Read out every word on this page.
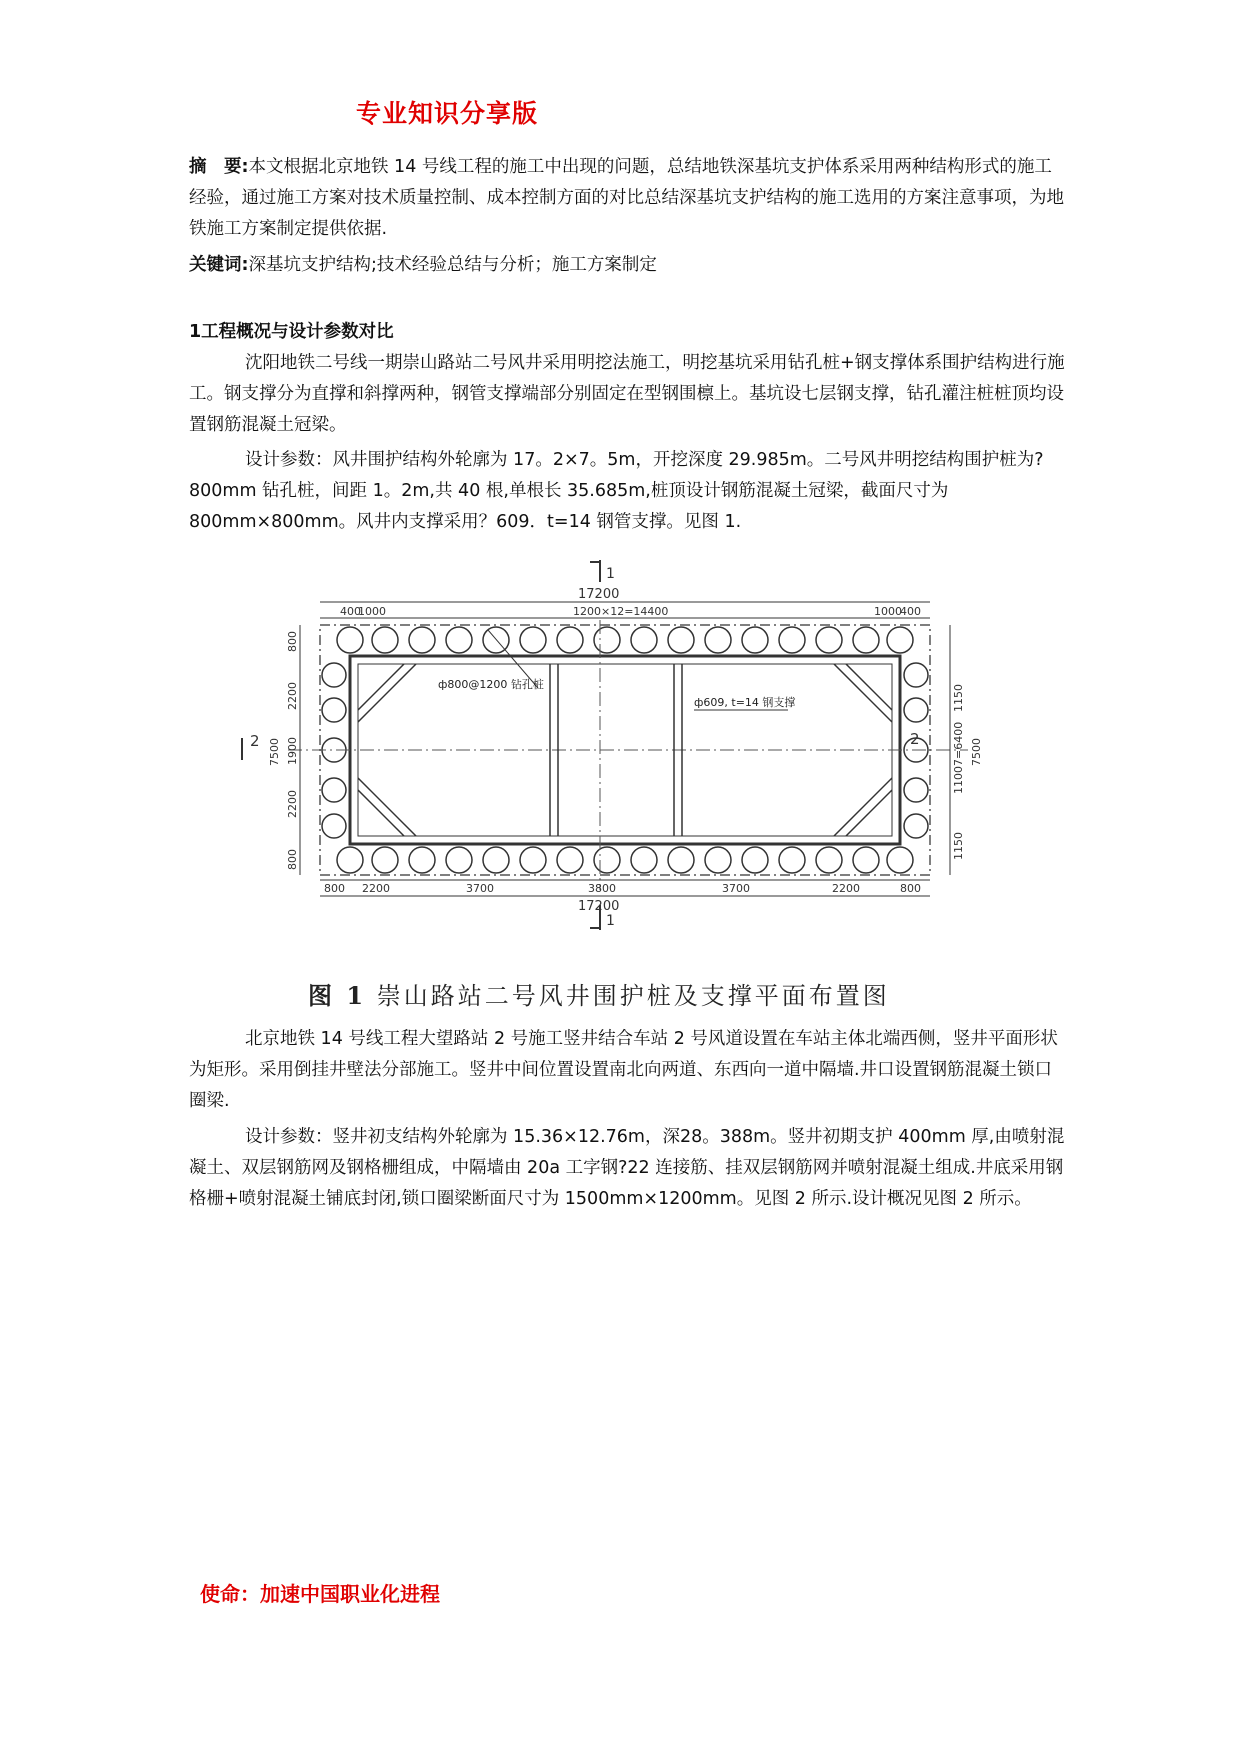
专业知识分享版
摘　要:本文根据北京地铁 14 号线工程的施工中出现的问题，总结地铁深基坑支护体系采用两种结构形式的施工经验，通过施工方案对技术质量控制、成本控制方面的对比总结深基坑支护结构的施工选用的方案注意事项，为地铁施工方案制定提供依据.
关键词:深基坑支护结构;技术经验总结与分析；施工方案制定
1工程概况与设计参数对比
沈阳地铁二号线一期崇山路站二号风井采用明挖法施工，明挖基坑采用钻孔桩+钢支撑体系围护结构进行施工。钢支撑分为直撑和斜撑两种，钢管支撑端部分别固定在型钢围檩上。基坑设七层钢支撑，钻孔灌注桩桩顶均设置钢筋混凝土冠梁。
设计参数：风井围护结构外轮廓为 17。2×7。5m，开挖深度 29.985m。二号风井明挖结构围护桩为?800mm 钻孔桩，间距 1。2m,共 40 根,单根长 35.685m,桩顶设计钢筋混凝土冠梁，截面尺寸为800mm×800mm。风井内支撑采用？609．t=14 钢管支撑。见图 1.
1
1
17200
400
1000	1200×12=14400	1000
400
ф800@1200 钻孔桩
ф609, t=14 钢支撑
800
2200
1900
2200
800
7500
2
1150
11007=6400
1150
7500
2
800 2200	3700	3800	3700	2200	800
17200
图 1 崇山路站二号风井围护桩及支撑平面布置图
北京地铁 14 号线工程大望路站 2 号施工竖井结合车站 2 号风道设置在车站主体北端西侧，竖井平面形状为矩形。采用倒挂井壁法分部施工。竖井中间位置设置南北向两道、东西向一道中隔墙.井口设置钢筋混凝土锁口圈梁.
设计参数：竖井初支结构外轮廓为 15.36×12.76m，深28。388m。竖井初期支护 400mm 厚,由喷射混凝土、双层钢筋网及钢格栅组成，中隔墙由 20a 工字钢?22 连接筋、挂双层钢筋网并喷射混凝土组成.井底采用钢格栅+喷射混凝土铺底封闭,锁口圈梁断面尺寸为 1500mm×1200mm。见图 2 所示.设计概况见图 2 所示。
使命：加速中国职业化进程
